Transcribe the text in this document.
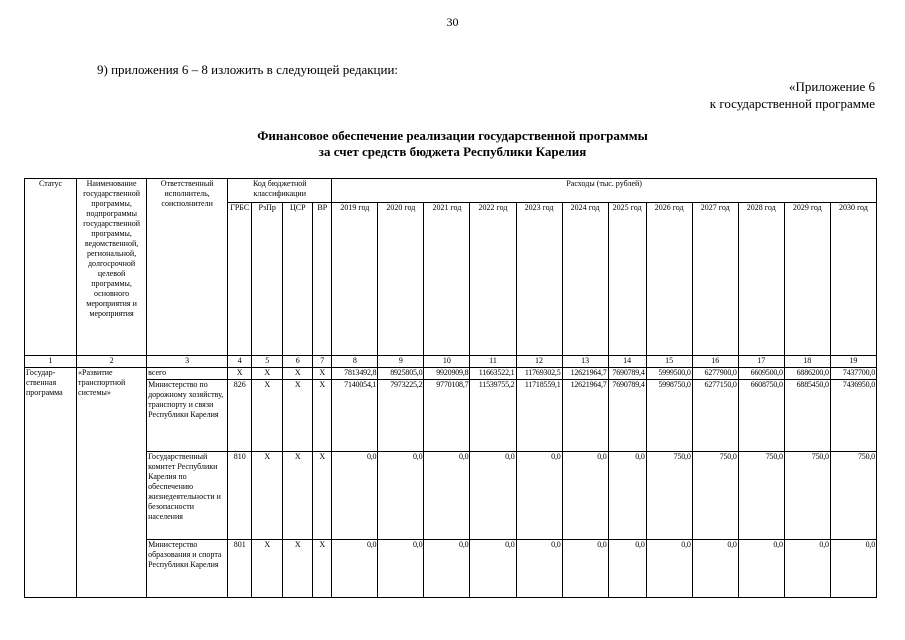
30
9) приложения 6 – 8 изложить в следующей редакции:
«Приложение 6
к государственной программе
Финансовое обеспечение реализации государственной программы
за счет средств бюджета Республики Карелия
Статус	Наименование государственной программы, подпрограммы государственной программы, ведомственной, региональной, долгосрочной целевой программы, основного мероприятия и мероприятия	Ответственный исполнитель, соисполнители	Код бюджетной классификации				Расходы (тыс. рублей)											
			ГРБС	РзПр	ЦСР	ВР	2019 год	2020 год	2021 год	2022 год	2023 год	2024 год	2025 год	2026 год	2027 год	2028 год	2029 год	2030 год
1	2	3	4	5	6	7	8	9	10	11	12	13	14	15	16	17	18	19
Государственная программа	«Развитие транспортной системы»	всего	X	X	X	X	7813492,8	8925805,0	9920909,8	11663522,1	11769302,5	12621964,7	7690789,4	5999500,0	6277900,0	6609500,0	6886200,0	7437700,0
		Министерство по дорожному хозяйству, транспорту и связи Республики Карелия	826	X	X	X	7140054,1	7973225,2	9770108,7	11539755,2	11718559,1	12621964,7	7690789,4	5998750,0	6277150,0	6608750,0	6885450,0	7436950,0
		Государственный комитет Республики Карелия по обеспечению жизнедеятельности и безопасности населения	810	X	X	X	0,0	0,0	0,0	0,0	0,0	0,0	0,0	750,0	750,0	750,0	750,0	750,0
		Министерство образования и спорта Республики Карелия	801	X	X	X	0,0	0,0	0,0	0,0	0,0	0,0	0,0	0,0	0,0	0,0	0,0	0,0
